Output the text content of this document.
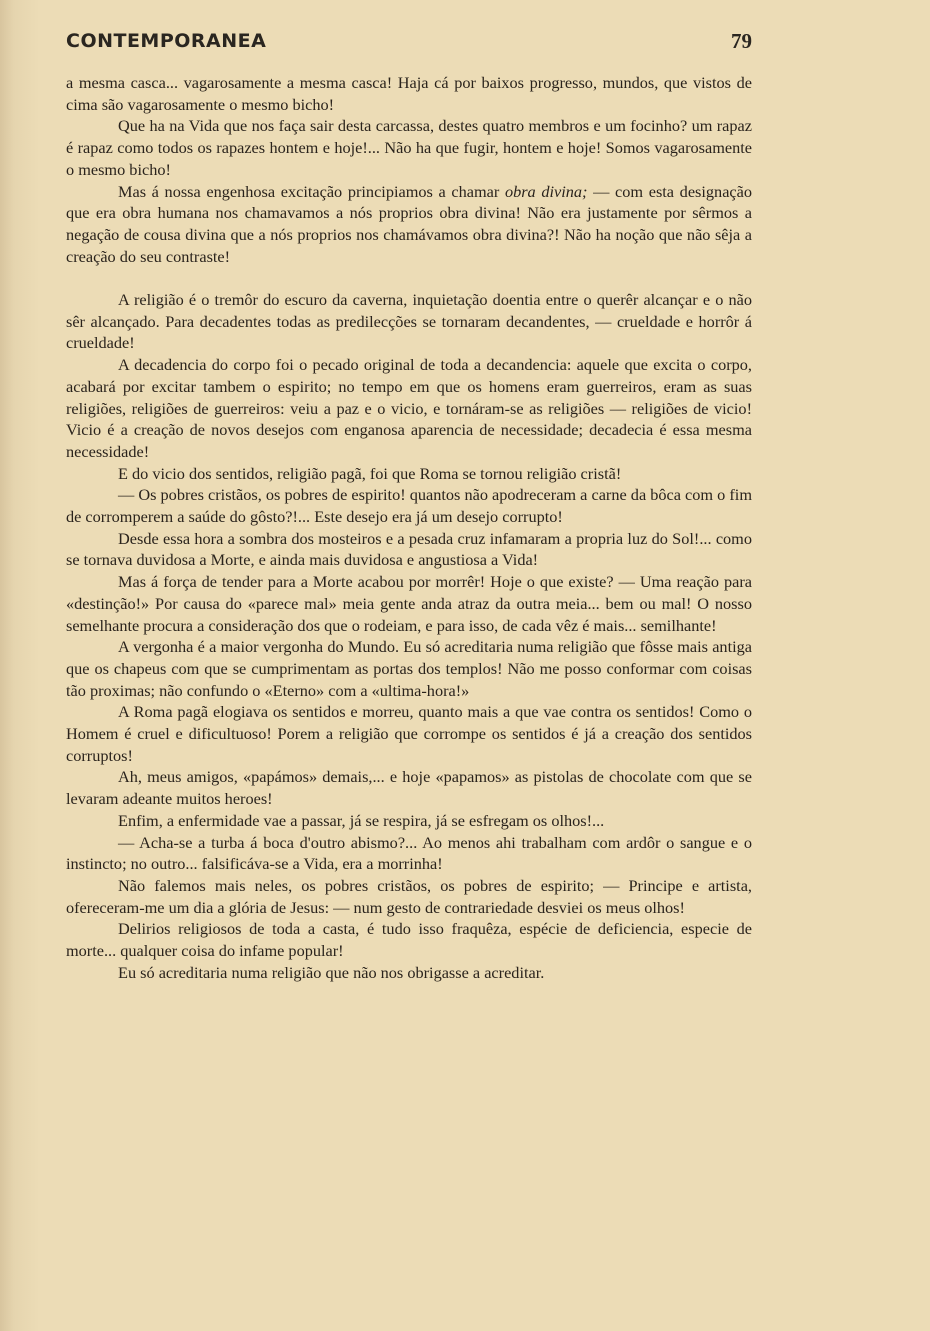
CONTEMPORANEA	79

a mesma casca... vagarosamente a mesma casca! Haja cá por baixos progresso, mundos, que vistos de cima são vagarosamente o mesmo bicho!

Que ha na Vida que nos faça sair desta carcassa, destes quatro membros e um focinho? um rapaz é rapaz como todos os rapazes hontem e hoje!... Não ha que fugir, hontem e hoje! Somos vagarosamente o mesmo bicho!

Mas á nossa engenhosa excitação principiamos a chamar obra divina; — com esta designação que era obra humana nos chamavamos a nós proprios obra divina! Não era justamente por sêrmos a negação de cousa divina que a nós proprios nos chamávamos obra divina?! Não ha noção que não sêja a creação do seu contraste!

A religião é o tremôr do escuro da caverna, inquietação doentia entre o querêr alcançar e o não sêr alcançado. Para decadentes todas as predilecções se tornaram decandentes, — crueldade e horrôr á crueldade!

A decadencia do corpo foi o pecado original de toda a decandencia: aquele que excita o corpo, acabará por excitar tambem o espirito; no tempo em que os homens eram guerreiros, eram as suas religiões, religiões de guerreiros: veiu a paz e o vicio, e tornáram-se as religiões — religiões de vicio! Vicio é a creação de novos desejos com enganosa aparencia de necessidade; decadecia é essa mesma necessidade!

E do vicio dos sentidos, religião pagã, foi que Roma se tornou religião cristã!

— Os pobres cristãos, os pobres de espirito! quantos não apodreceram a carne da bôca com o fim de corromperem a saúde do gôsto?!... Este desejo era já um desejo corrupto!

Desde essa hora a sombra dos mosteiros e a pesada cruz infamaram a propria luz do Sol!... como se tornava duvidosa a Morte, e ainda mais duvidosa e angustiosa a Vida!

Mas á força de tender para a Morte acabou por morrêr! Hoje o que existe? — Uma reação para «destinção!» Por causa do «parece mal» meia gente anda atraz da outra meia... bem ou mal! O nosso semelhante procura a consideração dos que o rodeiam, e para isso, de cada vêz é mais... semilhante!

A vergonha é a maior vergonha do Mundo. Eu só acreditaria numa religião que fôsse mais antiga que os chapeus com que se cumprimentam as portas dos templos! Não me posso conformar com coisas tão proximas; não confundo o «Eterno» com a «ultima-hora!»

A Roma pagã elogiava os sentidos e morreu, quanto mais a que vae contra os sentidos! Como o Homem é cruel e dificultuoso! Porem a religião que corrompe os sentidos é já a creação dos sentidos corruptos!

Ah, meus amigos, «papámos» demais,... e hoje «papamos» as pistolas de chocolate com que se levaram adeante muitos heroes!

Enfim, a enfermidade vae a passar, já se respira, já se esfregam os olhos!...

— Acha-se a turba á boca d'outro abismo?... Ao menos ahi trabalham com ardôr o sangue e o instincto; no outro... falsificáva-se a Vida, era a morrinha!

Não falemos mais neles, os pobres cristãos, os pobres de espirito; — Principe e artista, ofereceram-me um dia a glória de Jesus: — num gesto de contrariedade desviei os meus olhos!

Delirios religiosos de toda a casta, é tudo isso fraquêza, espécie de deficiencia, especie de morte... qualquer coisa do infame popular!

Eu só acreditaria numa religião que não nos obrigasse a acreditar.
